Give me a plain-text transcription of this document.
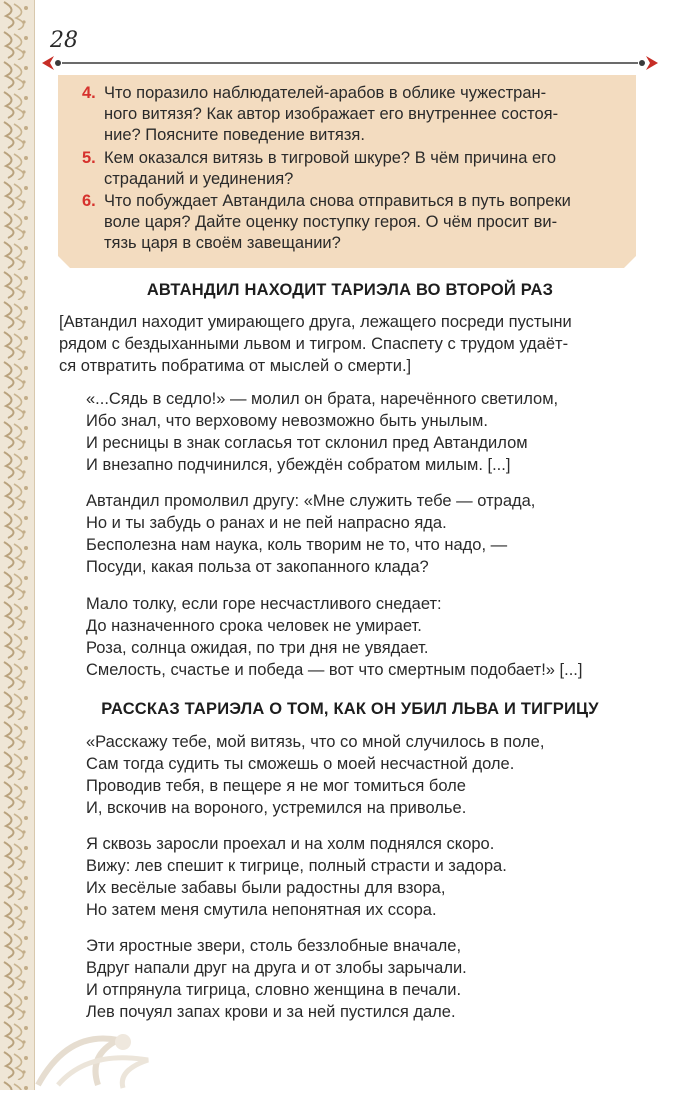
28
4. Что поразило наблюдателей-арабов в облике чужестран-
ного витязя? Как автор изображает его внутреннее состоя-
ние? Поясните поведение витязя.
5. Кем оказался витязь в тигровой шкуре? В чём причина его
страданий и уединения?
6. Что побуждает Автандила снова отправиться в путь вопреки
воле царя? Дайте оценку поступку героя. О чём просит ви-
тязь царя в своём завещании?
АВТАНДИЛ НАХОДИТ ТАРИЭЛА ВО ВТОРОЙ РАЗ
[Автандил находит умирающего друга, лежащего посреди пустыни
рядом с бездыханными львом и тигром. Спаспету с трудом удаёт-
ся отвратить побратима от мыслей о смерти.]
«...Сядь в седло!» — молил он брата, наречённого светилом,
Ибо знал, что верховому невозможно быть унылым.
И ресницы в знак согласья тот склонил пред Автандилом
И внезапно подчинился, убеждён собратом милым. [...]
Автандил промолвил другу: «Мне служить тебе — отрада,
Но и ты забудь о ранах и не пей напрасно яда.
Бесполезна нам наука, коль творим не то, что надо, —
Посуди, какая польза от закопанного клада?
Мало толку, если горе несчастливого снедает:
До назначенного срока человек не умирает.
Роза, солнца ожидая, по три дня не увядает.
Смелость, счастье и победа — вот что смертным подобает!» [...]
РАССКАЗ ТАРИЭЛА О ТОМ, КАК ОН УБИЛ ЛЬВА И ТИГРИЦУ
«Расскажу тебе, мой витязь, что со мной случилось в поле,
Сам тогда судить ты сможешь о моей несчастной доле.
Проводив тебя, в пещере я не мог томиться боле
И, вскочив на вороного, устремился на приволье.
Я сквозь заросли проехал и на холм поднялся скоро.
Вижу: лев спешит к тигрице, полный страсти и задора.
Их весёлые забавы были радостны для взора,
Но затем меня смутила непонятная их ссора.
Эти яростные звери, столь беззлобные вначале,
Вдруг напали друг на друга и от злобы зарычали.
И отпрянула тигрица, словно женщина в печали.
Лев почуял запах крови и за ней пустился дале.
